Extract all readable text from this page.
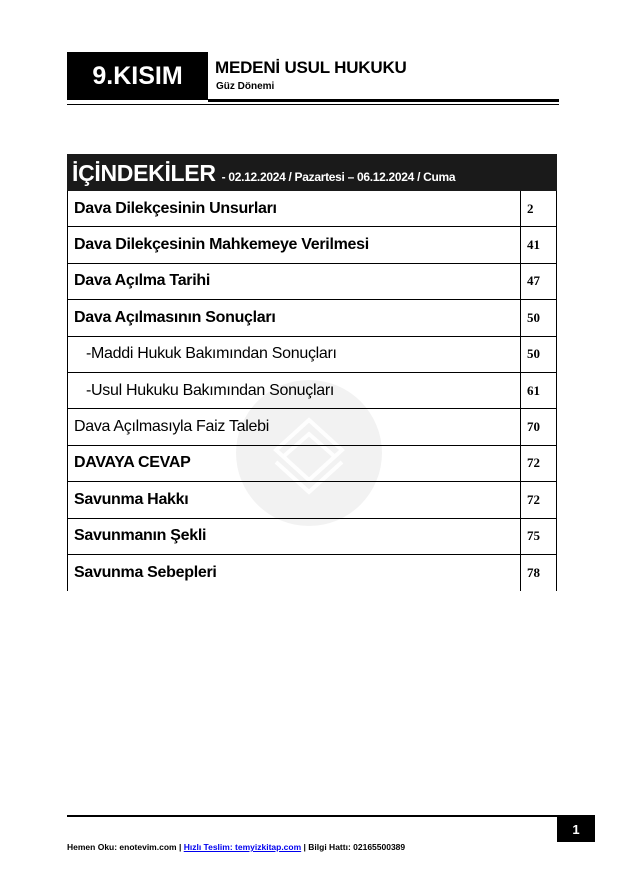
9.KISIM MEDENİ USUL HUKUKU
Güz Dönemi
İÇİNDEKİLER - 02.12.2024 / Pazartesi – 06.12.2024 / Cuma
Dava Dilekçesinin Unsurları	2
Dava Dilekçesinin Mahkemeye Verilmesi	41
Dava Açılma Tarihi	47
Dava Açılmasının Sonuçları	50
-Maddi Hukuk Bakımından Sonuçları	50
-Usul Hukuku Bakımından Sonuçları	61
Dava Açılmasıyla Faiz Talebi	70
DAVAYA CEVAP	72
Savunma Hakkı	72
Savunmanın Şekli	75
Savunma Sebepleri	78
1
Hemen Oku: enotevim.com | Hızlı Teslim: temyizkitap.com | Bilgi Hattı: 02165500389
